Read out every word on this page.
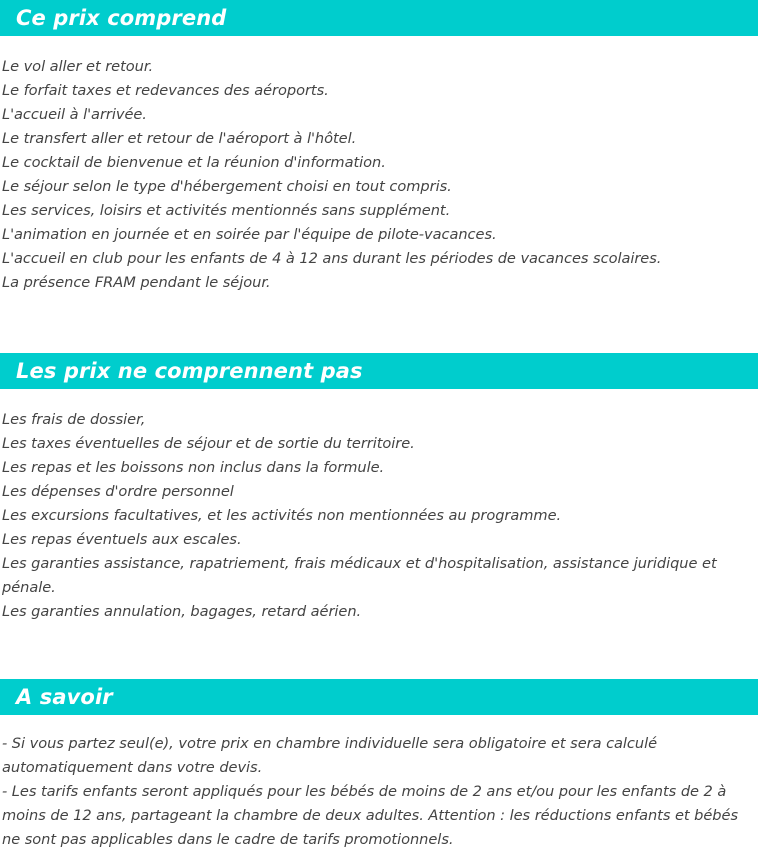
Ce prix comprend
Le vol aller et retour.
Le forfait taxes et redevances des aéroports.
L'accueil à l'arrivée.
Le transfert aller et retour de l'aéroport à l'hôtel.
Le cocktail de bienvenue et la réunion d'information.
Le séjour selon le type d'hébergement choisi en tout compris.
Les services, loisirs et activités mentionnés sans supplément.
L'animation en journée et en soirée par l'équipe de pilote-vacances.
L'accueil en club pour les enfants de 4 à 12 ans durant les périodes de vacances scolaires.
La présence FRAM pendant le séjour.
Les prix ne comprennent pas
Les frais de dossier,
Les taxes éventuelles de séjour et de sortie du territoire.
Les repas et les boissons non inclus dans la formule.
Les dépenses d'ordre personnel
Les excursions facultatives, et les activités non mentionnées au programme.
Les repas éventuels aux escales.
Les garanties assistance, rapatriement, frais médicaux et d'hospitalisation, assistance juridique et pénale.
Les garanties annulation, bagages, retard aérien.
A savoir

- Si vous partez seul(e), votre prix en chambre individuelle sera obligatoire et sera calculé automatiquement dans votre devis.

- Les tarifs enfants seront appliqués pour les bébés de moins de 2 ans et/ou pour les enfants de 2 à moins de 12 ans, partageant la chambre de deux adultes. Attention : les réductions enfants et bébés ne sont pas applicables dans le cadre de tarifs promotionnels.
